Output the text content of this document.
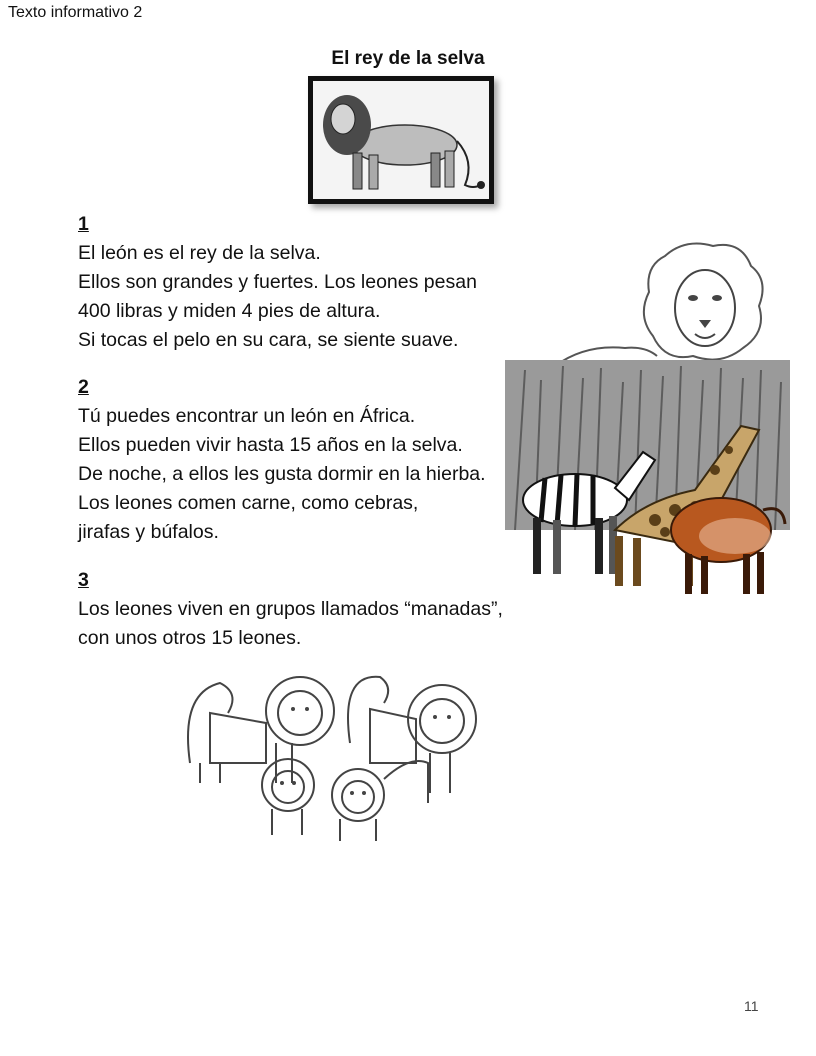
Texto informativo 2
El rey de la selva
1
El león es el rey de la selva.
Ellos son grandes y fuertes. Los leones pesan
400 libras y miden 4 pies de altura.
Si tocas el pelo en su cara, se siente suave.
2
Tú puedes encontrar un león en África.
Ellos pueden vivir hasta 15 años en la selva.
De noche, a ellos les gusta dormir en la hierba.
Los leones comen carne, como cebras,
jirafas y búfalos.
3
Los leones viven en grupos llamados “manadas”,
con unos otros 15 leones.
11
